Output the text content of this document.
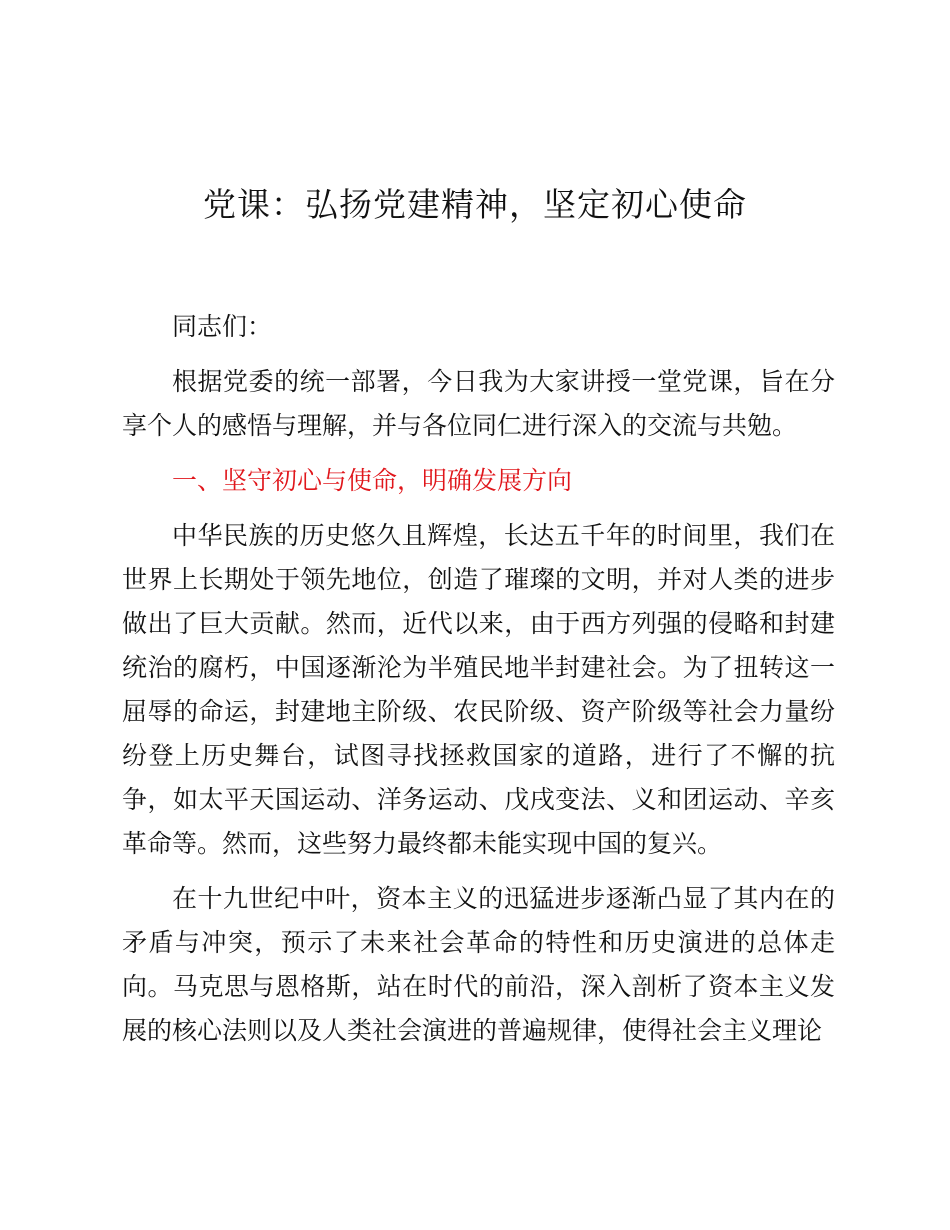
党课：弘扬党建精神，坚定初心使命

同志们：

根据党委的统一部署，今日我为大家讲授一堂党课，旨在分享个人的感悟与理解，并与各位同仁进行深入的交流与共勉。

一、坚守初心与使命，明确发展方向

中华民族的历史悠久且辉煌，长达五千年的时间里，我们在世界上长期处于领先地位，创造了璀璨的文明，并对人类的进步做出了巨大贡献。然而，近代以来，由于西方列强的侵略和封建统治的腐朽，中国逐渐沦为半殖民地半封建社会。为了扭转这一屈辱的命运，封建地主阶级、农民阶级、资产阶级等社会力量纷纷登上历史舞台，试图寻找拯救国家的道路，进行了不懈的抗争，如太平天国运动、洋务运动、戊戌变法、义和团运动、辛亥革命等。然而，这些努力最终都未能实现中国的复兴。

在十九世纪中叶，资本主义的迅猛进步逐渐凸显了其内在的矛盾与冲突，预示了未来社会革命的特性和历史演进的总体走向。马克思与恩格斯，站在时代的前沿，深入剖析了资本主义发展的核心法则以及人类社会演进的普遍规律，使得社会主义理论
